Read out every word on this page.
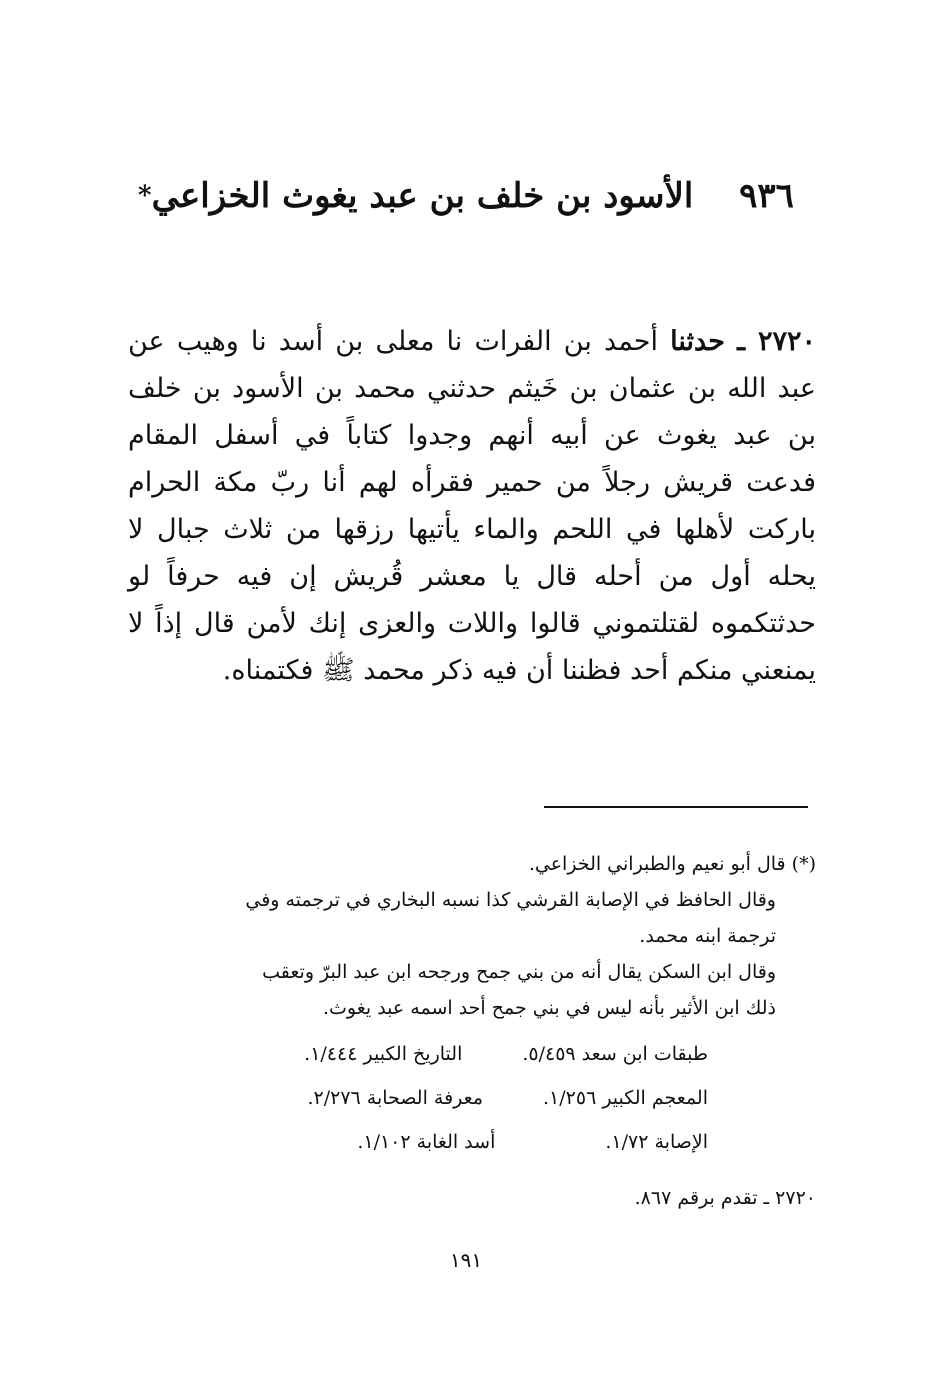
٩٣٦ الأسود بن خلف بن عبد يغوث الخزاعي*

٢٧٢٠ ـ حدثنا أحمد بن الفرات نا معلى بن أسد نا وهيب عن عبد الله بن عثمان بن خَيثم حدثني محمد بن الأسود بن خلف بن عبد يغوث عن أبيه أنهم وجدوا كتاباً في أسفل المقام فدعت قريش رجلاً من حمير فقرأه لهم أنا ربّ مكة الحرام باركت لأهلها في اللحم والماء يأتيها رزقها من ثلاث جبال لا يحله أول من أحله قال يا معشر قُريش إن فيه حرفاً لو حدثتكموه لقتلتموني قالوا واللات والعزى إنك لأمن قال إذاً لا يمنعني منكم أحد فظننا أن فيه ذكر محمد ﷺ فكتمناه.

(*) قال أبو نعيم والطبراني الخزاعي.
وقال الحافظ في الإصابة القرشي كذا نسبه البخاري في ترجمته وفي
ترجمة ابنه محمد.
وقال ابن السكن يقال أنه من بني جمح ورجحه ابن عبد البرّ وتعقب
ذلك ابن الأثير بأنه ليس في بني جمح أحد اسمه عبد يغوث.
طبقات ابن سعد ٥/٤٥٩.التاريخ الكبير ١/٤٤٤.
المعجم الكبير ١/٢٥٦.معرفة الصحابة ٢/٢٧٦.
الإصابة ١/٧٢.أسد الغابة ١/١٠٢.
٢٧٢٠ ـ تقدم برقم ٨٦٧.
١٩١
